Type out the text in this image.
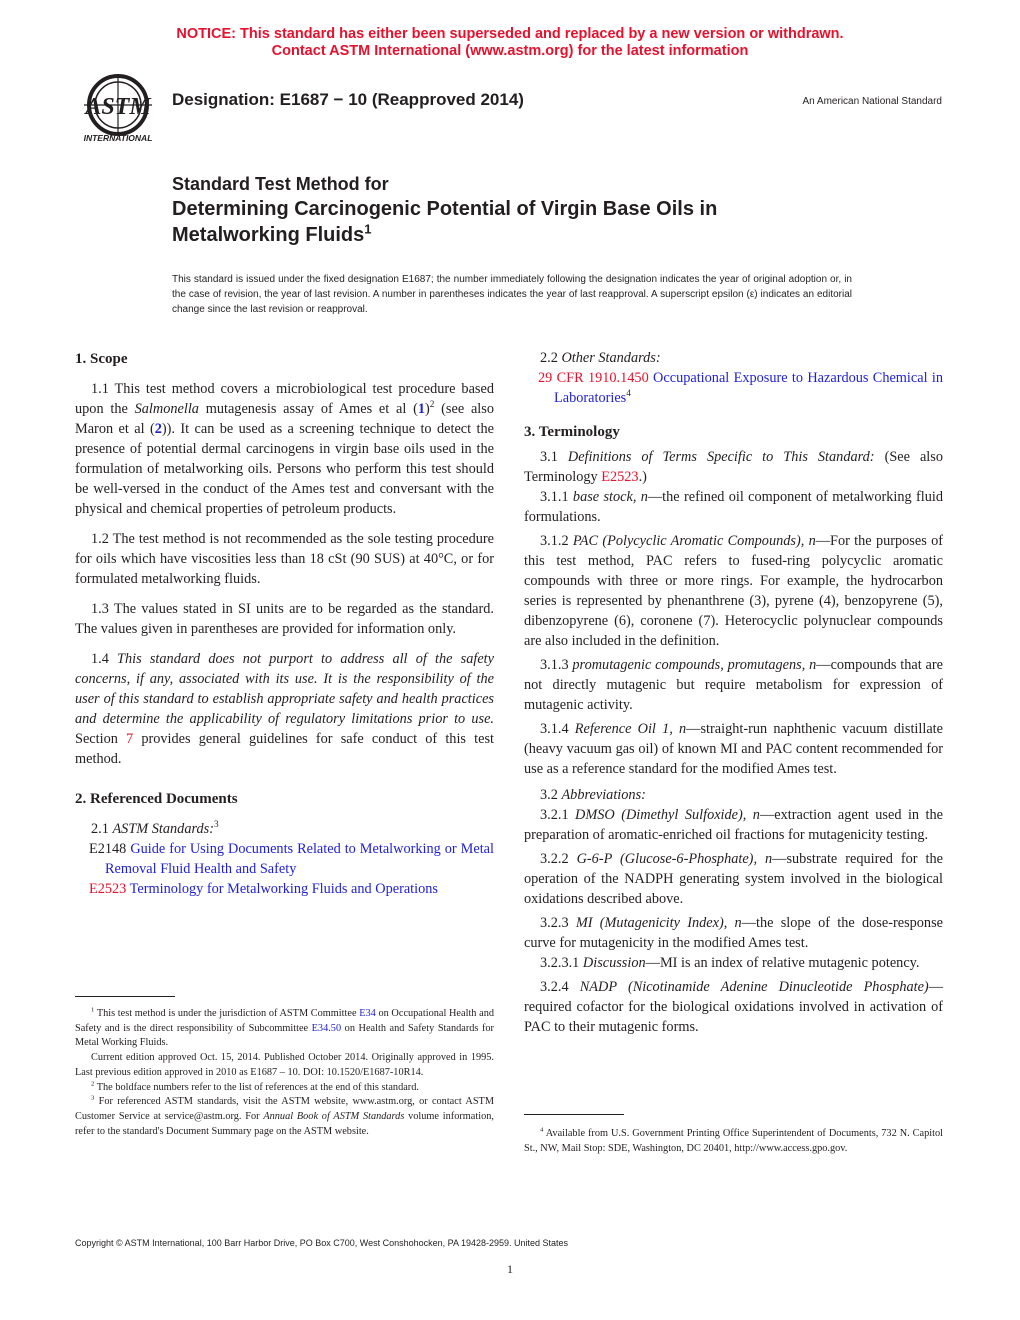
NOTICE: This standard has either been superseded and replaced by a new version or withdrawn.
Contact ASTM International (www.astm.org) for the latest information
ASTM
INTERNATIONAL
Designation: E1687 − 10 (Reapproved 2014)	An American National Standard
Standard Test Method for
Determining Carcinogenic Potential of Virgin Base Oils in
Metalworking Fluids$^1$
This standard is issued under the fixed designation E1687; the number immediately following the designation indicates the year of original adoption or, in the case of revision, the year of last revision. A number in parentheses indicates the year of last reapproval. A superscript epsilon (ε) indicates an editorial change since the last revision or reapproval.

1. Scope

1.1 This test method covers a microbiological test procedure based upon the Salmonella mutagenesis assay of Ames et al $(1)^2$ (see also Maron et al (2)). It can be used as a screening technique to detect the presence of potential dermal carcinogens in virgin base oils used in the formulation of metalworking oils. Persons who perform this test should be well-versed in the conduct of the Ames test and conversant with the physical and chemical properties of petroleum products.

1.2 The test method is not recommended as the sole testing procedure for oils which have viscosities less than 18 cSt (90 SUS) at 40°C, or for formulated metalworking fluids.

1.3 The values stated in SI units are to be regarded as the standard. The values given in parentheses are provided for information only.

1.4 This standard does not purport to address all of the safety concerns, if any, associated with its use. It is the responsibility of the user of this standard to establish appropriate safety and health practices and determine the applicability of regulatory limitations prior to use. Section 7 provides general guidelines for safe conduct of this test method.

2. Referenced Documents

2.1 ASTM Standards:$^3$

E2148 Guide for Using Documents Related to Metalworking or Metal Removal Fluid Health and Safety

E2523 Terminology for Metalworking Fluids and Operations

$^1$ This test method is under the jurisdiction of ASTM Committee E34 on Occupational Health and Safety and is the direct responsibility of Subcommittee E34.50 on Health and Safety Standards for Metal Working Fluids.

Current edition approved Oct. 15, 2014. Published October 2014. Originally approved in 1995. Last previous edition approved in 2010 as E1687 – 10. DOI: 10.1520/E1687-10R14.

$^2$ The boldface numbers refer to the list of references at the end of this standard.

$^3$ For referenced ASTM standards, visit the ASTM website, www.astm.org, or contact ASTM Customer Service at service@astm.org. For Annual Book of ASTM Standards volume information, refer to the standard's Document Summary page on the ASTM website.

2.2 Other Standards:

29 CFR 1910.1450 Occupational Exposure to Hazardous Chemical in Laboratories$^4$

3. Terminology

3.1 Definitions of Terms Specific to This Standard: (See also Terminology E2523.)

3.1.1 base stock, n—the refined oil component of metalworking fluid formulations.

3.1.2 PAC (Polycyclic Aromatic Compounds), n—For the purposes of this test method, PAC refers to fused-ring polycyclic aromatic compounds with three or more rings. For example, the hydrocarbon series is represented by phenanthrene (3), pyrene (4), benzopyrene (5), dibenzopyrene (6), coronene (7). Heterocyclic polynuclear compounds are also included in the definition.

3.1.3 promutagenic compounds, promutagens, n—compounds that are not directly mutagenic but require metabolism for expression of mutagenic activity.

3.1.4 Reference Oil 1, n—straight-run naphthenic vacuum distillate (heavy vacuum gas oil) of known MI and PAC content recommended for use as a reference standard for the modified Ames test.

3.2 Abbreviations:

3.2.1 DMSO (Dimethyl Sulfoxide), n—extraction agent used in the preparation of aromatic-enriched oil fractions for mutagenicity testing.

3.2.2 G-6-P (Glucose-6-Phosphate), n—substrate required for the operation of the NADPH generating system involved in the biological oxidations described above.

3.2.3 MI (Mutagenicity Index), n—the slope of the dose-response curve for mutagenicity in the modified Ames test.

3.2.3.1 Discussion—MI is an index of relative mutagenic potency.

3.2.4 NADP (Nicotinamide Adenine Dinucleotide Phosphate)—required cofactor for the biological oxidations involved in activation of PAC to their mutagenic forms.

$^4$ Available from U.S. Government Printing Office Superintendent of Documents, 732 N. Capitol St., NW, Mail Stop: SDE, Washington, DC 20401, http://www.access.gpo.gov.

Copyright © ASTM International, 100 Barr Harbor Drive, PO Box C700, West Conshohocken, PA 19428-2959. United States
1
